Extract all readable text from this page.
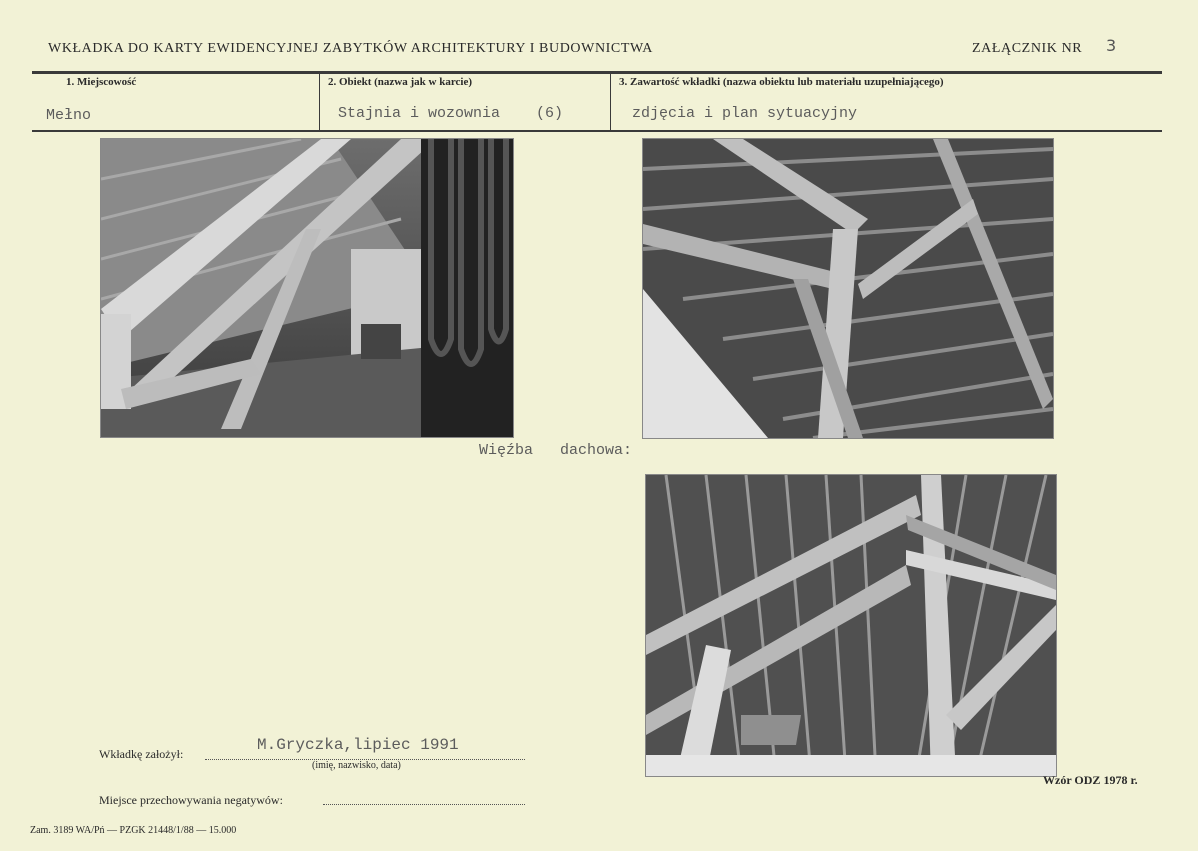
WKŁADKA DO KARTY EWIDENCYJNEJ ZABYTKÓW ARCHITEKTURY I BUDOWNICTWA	ZAŁĄCZNIK NR 3
1. Miejscowość	2. Obiekt (nazwa jak w karcie)	3. Zawartość wkładki (nazwa obiektu lub materiału uzupełniającego)
Mełno	Stajnia i wozownia    (6)	zdjęcia i plan sytuacyjny
Więźba   dachowa:
Wkładkę założył:	M.Gryczka,lipiec 1991
(imię, nazwisko, data)
Wzór ODZ 1978 r.
Miejsce przechowywania negatywów:
Zam. 3189 WA/Pń — PZGK 21448/1/88 — 15.000
